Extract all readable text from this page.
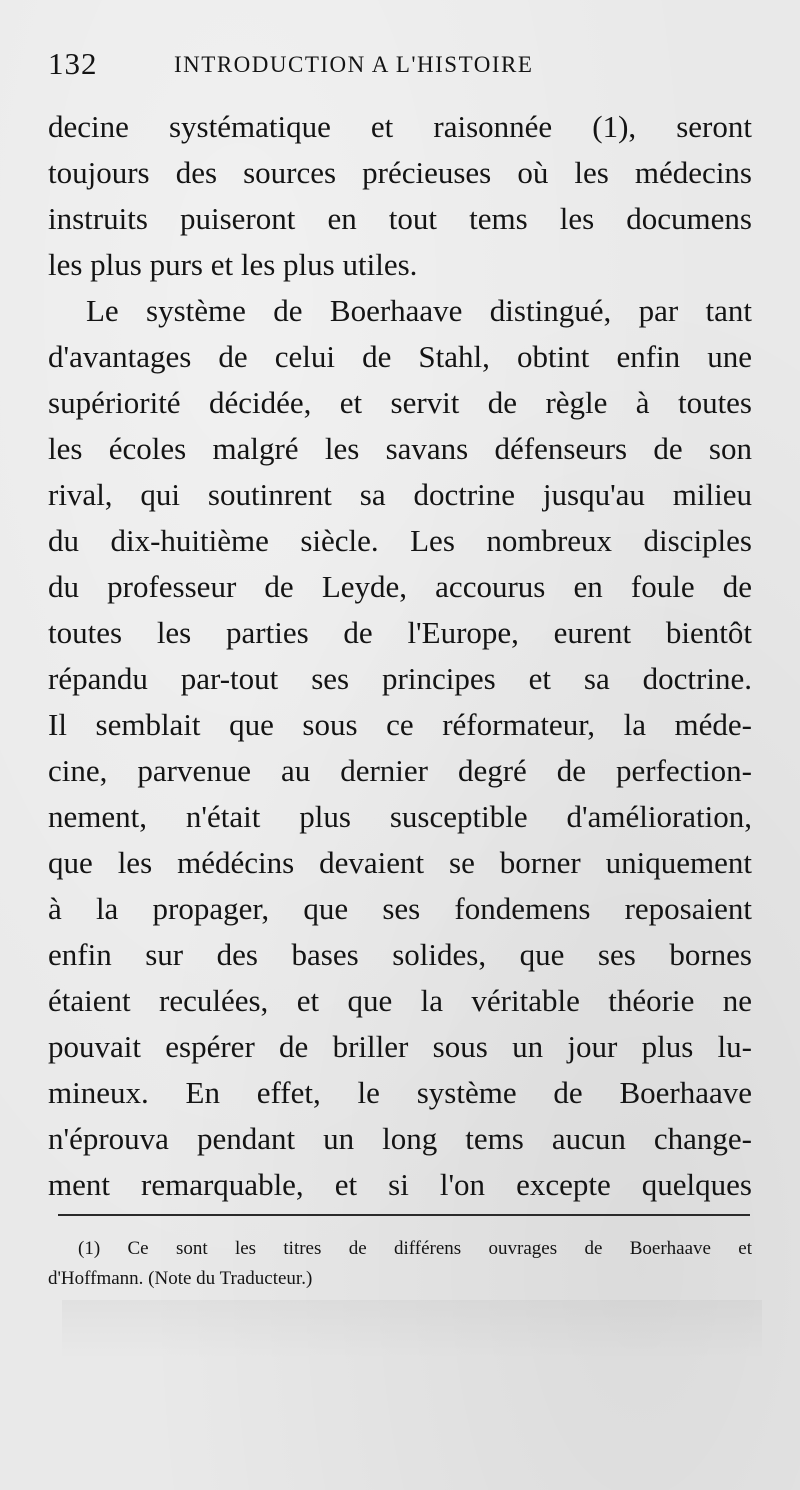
132	INTRODUCTION A L'HISTOIRE
decine systématique et raisonnée (1), seront
toujours des sources précieuses où les médecins
instruits puiseront en tout tems les documens
les plus purs et les plus utiles.
Le système de Boerhaave distingué, par tant
d'avantages de celui de Stahl, obtint enfin une
supériorité décidée, et servit de règle à toutes
les écoles malgré les savans défenseurs de son
rival, qui soutinrent sa doctrine jusqu'au milieu
du dix-huitième siècle. Les nombreux disciples
du professeur de Leyde, accourus en foule de
toutes les parties de l'Europe, eurent bientôt
répandu par-tout ses principes et sa doctrine.
Il semblait que sous ce réformateur, la méde-
cine, parvenue au dernier degré de perfection-
nement, n'était plus susceptible d'amélioration,
que les médécins devaient se borner uniquement
à la propager, que ses fondemens reposaient
enfin sur des bases solides, que ses bornes
étaient reculées, et que la véritable théorie ne
pouvait espérer de briller sous un jour plus lu-
mineux. En effet, le système de Boerhaave
n'éprouva pendant un long tems aucun change-
ment remarquable, et si l'on excepte quelques
(1) Ce sont les titres de différens ouvrages de Boerhaave et
d'Hoffmann. (Note du Traducteur.)
